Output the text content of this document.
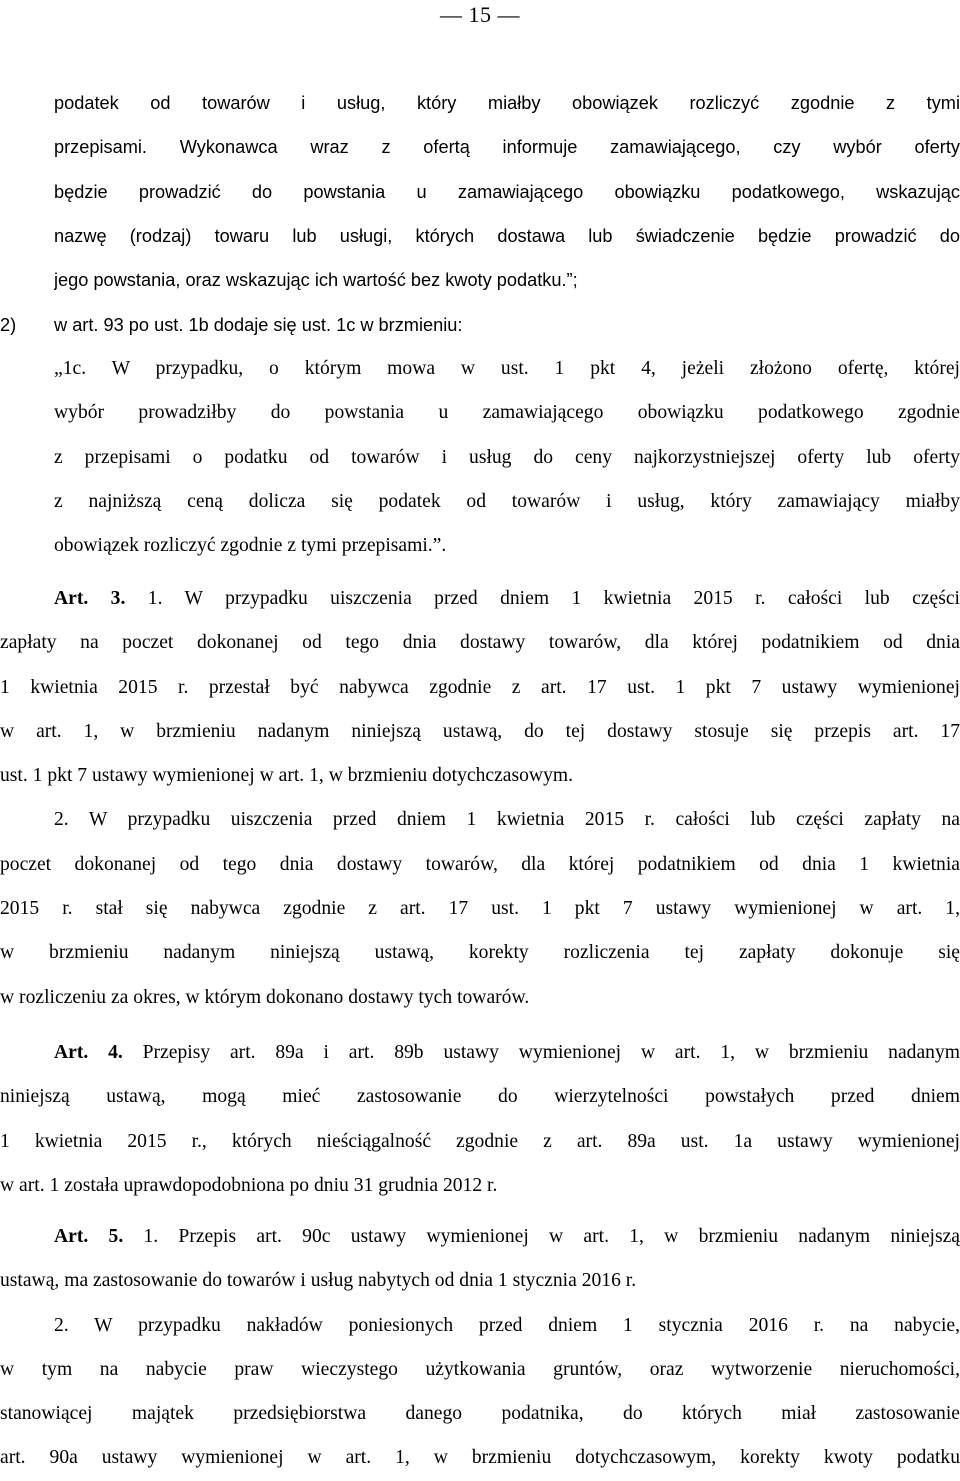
— 15 —
podatek od towarów i usług, który miałby obowiązek rozliczyć zgodnie z tymi
przepisami. Wykonawca wraz z ofertą informuje zamawiającego, czy wybór oferty
będzie prowadzić do powstania u zamawiającego obowiązku podatkowego, wskazując
nazwę (rodzaj) towaru lub usługi, których dostawa lub świadczenie będzie prowadzić do
jego powstania, oraz wskazując ich wartość bez kwoty podatku.”;
2)	w art. 93 po ust. 1b dodaje się ust. 1c w brzmieniu:
„1c. W przypadku, o którym mowa w ust. 1 pkt 4, jeżeli złożono ofertę, której
wybór prowadziłby do powstania u zamawiającego obowiązku podatkowego zgodnie
z przepisami o podatku od towarów i usług do ceny najkorzystniejszej oferty lub oferty
z najniższą ceną dolicza się podatek od towarów i usług, który zamawiający miałby
obowiązek rozliczyć zgodnie z tymi przepisami.”.
Art. 3. 1. W przypadku uiszczenia przed dniem 1 kwietnia 2015 r. całości lub części
zapłaty na poczet dokonanej od tego dnia dostawy towarów, dla której podatnikiem od dnia
1 kwietnia 2015 r. przestał być nabywca zgodnie z art. 17 ust. 1 pkt 7 ustawy wymienionej
w art. 1, w brzmieniu nadanym niniejszą ustawą, do tej dostawy stosuje się przepis art. 17
ust. 1 pkt 7 ustawy wymienionej w art. 1, w brzmieniu dotychczasowym.
2. W przypadku uiszczenia przed dniem 1 kwietnia 2015 r. całości lub części zapłaty na
poczet dokonanej od tego dnia dostawy towarów, dla której podatnikiem od dnia 1 kwietnia
2015 r. stał się nabywca zgodnie z art. 17 ust. 1 pkt 7 ustawy wymienionej w art. 1,
w brzmieniu nadanym niniejszą ustawą, korekty rozliczenia tej zapłaty dokonuje się
w rozliczeniu za okres, w którym dokonano dostawy tych towarów.
Art. 4. Przepisy art. 89a i art. 89b ustawy wymienionej w art. 1, w brzmieniu nadanym
niniejszą ustawą, mogą mieć zastosowanie do wierzytelności powstałych przed dniem
1 kwietnia 2015 r., których nieściągalność zgodnie z art. 89a ust. 1a ustawy wymienionej
w art. 1 została uprawdopodobniona po dniu 31 grudnia 2012 r.
Art. 5. 1. Przepis art. 90c ustawy wymienionej w art. 1, w brzmieniu nadanym niniejszą
ustawą, ma zastosowanie do towarów i usług nabytych od dnia 1 stycznia 2016 r.
2. W przypadku nakładów poniesionych przed dniem 1 stycznia 2016 r. na nabycie,
w tym na nabycie praw wieczystego użytkowania gruntów, oraz wytworzenie nieruchomości,
stanowiącej majątek przedsiębiorstwa danego podatnika, do których miał zastosowanie
art. 90a ustawy wymienionej w art. 1, w brzmieniu dotychczasowym, korekty kwoty podatku
